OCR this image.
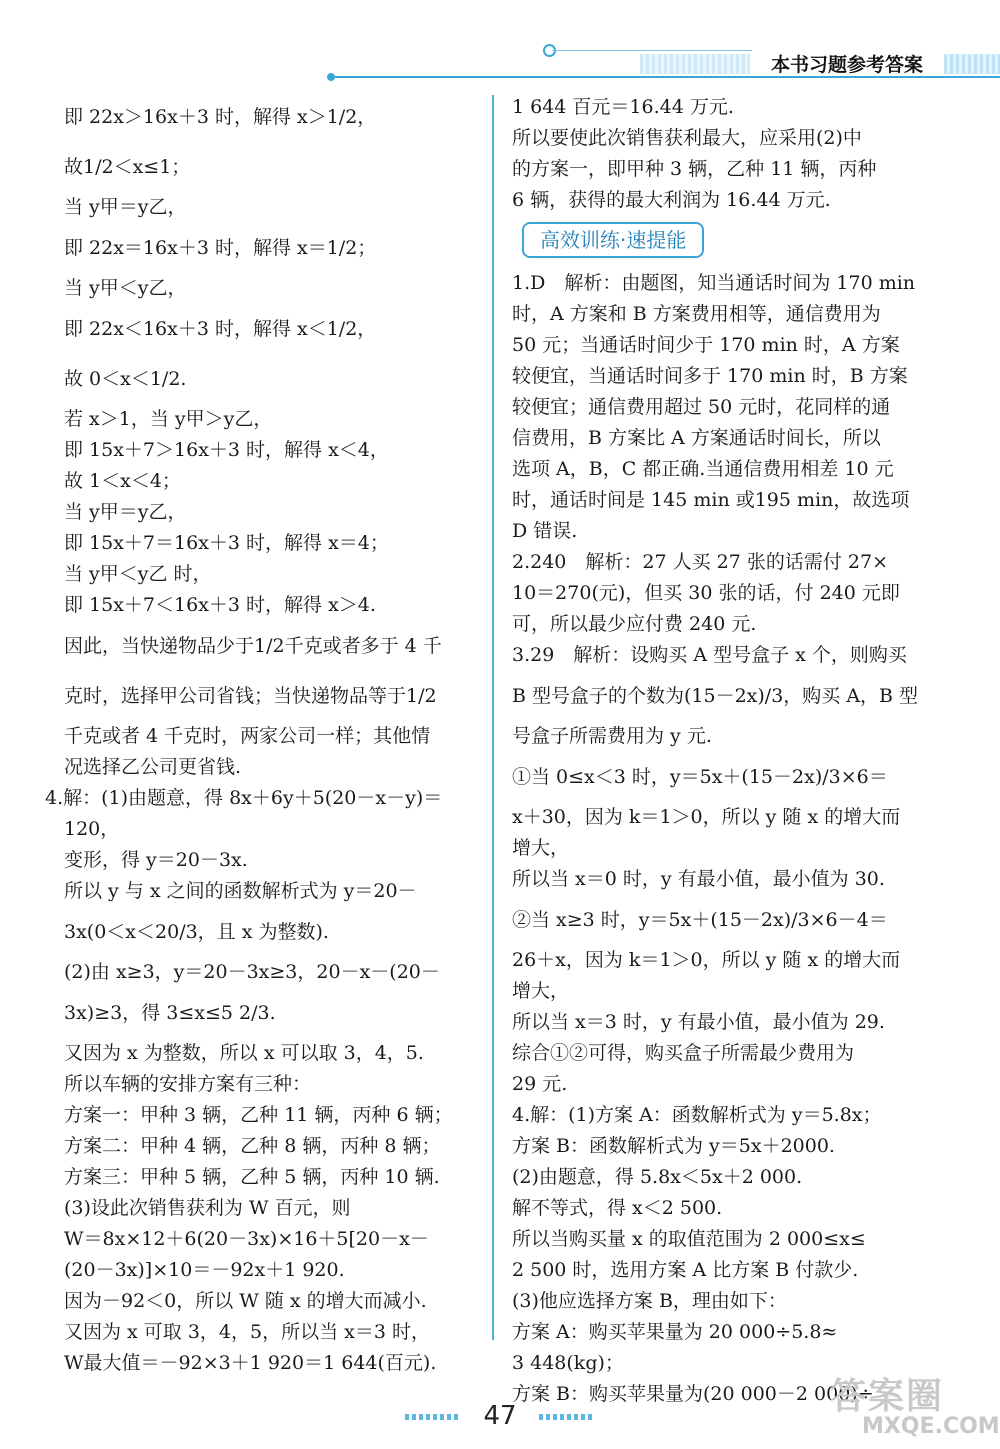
本书习题参考答案
即 22x＞16x＋3 时，解得 x＞1/2，
故1/2＜x≤1；
当 y甲＝y乙，
即 22x＝16x＋3 时，解得 x＝1/2；
当 y甲＜y乙，
即 22x＜16x＋3 时，解得 x＜1/2，
故 0＜x＜1/2.
若 x＞1，当 y甲＞y乙，
即 15x＋7＞16x＋3 时，解得 x＜4，
故 1＜x＜4；
当 y甲＝y乙，
即 15x＋7＝16x＋3 时，解得 x＝4；
当 y甲＜y乙 时，
即 15x＋7＜16x＋3 时，解得 x＞4.
因此，当快递物品少于1/2千克或者多于 4 千
克时，选择甲公司省钱；当快递物品等于1/2
千克或者 4 千克时，两家公司一样；其他情
况选择乙公司更省钱.
4.解：(1)由题意，得 8x＋6y＋5(20－x－y)＝
120，
变形，得 y＝20－3x.
所以 y 与 x 之间的函数解析式为 y＝20－
3x(0＜x＜20/3，且 x 为整数).
(2)由 x≥3，y＝20－3x≥3，20－x－(20－
3x)≥3，得 3≤x≤5 2/3.
又因为 x 为整数，所以 x 可以取 3，4，5.
所以车辆的安排方案有三种：
方案一：甲种 3 辆，乙种 11 辆，丙种 6 辆；
方案二：甲种 4 辆，乙种 8 辆，丙种 8 辆；
方案三：甲种 5 辆，乙种 5 辆，丙种 10 辆.
(3)设此次销售获利为 W 百元，则
W＝8x×12＋6(20－3x)×16＋5[20－x－
(20－3x)]×10＝－92x＋1 920.
因为－92＜0，所以 W 随 x 的增大而减小.
又因为 x 可取 3，4，5，所以当 x＝3 时，
W最大值＝－92×3＋1 920＝1 644(百元).
1 644 百元＝16.44 万元.
所以要使此次销售获利最大，应采用(2)中
的方案一，即甲种 3 辆，乙种 11 辆，丙种
6 辆，获得的最大利润为 16.44 万元.
高效训练·速提能
1.D　解析：由题图，知当通话时间为 170 min
时，A 方案和 B 方案费用相等，通信费用为
50 元；当通话时间少于 170 min 时，A 方案
较便宜，当通话时间多于 170 min 时，B 方案
较便宜；通信费用超过 50 元时，花同样的通
信费用，B 方案比 A 方案通话时间长，所以
选项 A，B，C 都正确.当通信费用相差 10 元
时，通话时间是 145 min 或195 min，故选项
D 错误.
2.240　解析：27 人买 27 张的话需付 27×
10＝270(元)，但买 30 张的话，付 240 元即
可，所以最少应付费 240 元.
3.29　解析：设购买 A 型号盒子 x 个，则购买
B 型号盒子的个数为(15－2x)/3，购买 A，B 型
号盒子所需费用为 y 元.
①当 0≤x＜3 时，y＝5x＋(15－2x)/3×6＝
x＋30，因为 k＝1＞0，所以 y 随 x 的增大而
增大，
所以当 x＝0 时，y 有最小值，最小值为 30.
②当 x≥3 时，y＝5x＋(15－2x)/3×6－4＝
26＋x，因为 k＝1＞0，所以 y 随 x 的增大而
增大，
所以当 x＝3 时，y 有最小值，最小值为 29.
综合①②可得，购买盒子所需最少费用为
29 元.
4.解：(1)方案 A：函数解析式为 y＝5.8x；
方案 B：函数解析式为 y＝5x＋2000.
(2)由题意，得 5.8x＜5x＋2 000.
解不等式，得 x＜2 500.
所以当购买量 x 的取值范围为 2 000≤x≤
2 500 时，选用方案 A 比方案 B 付款少.
(3)他应选择方案 B，理由如下：
方案 A：购买苹果量为 20 000÷5.8≈
3 448(kg)；
方案 B：购买苹果量为(20 000－2 000)÷
47	答案圈
MXQE.COM
